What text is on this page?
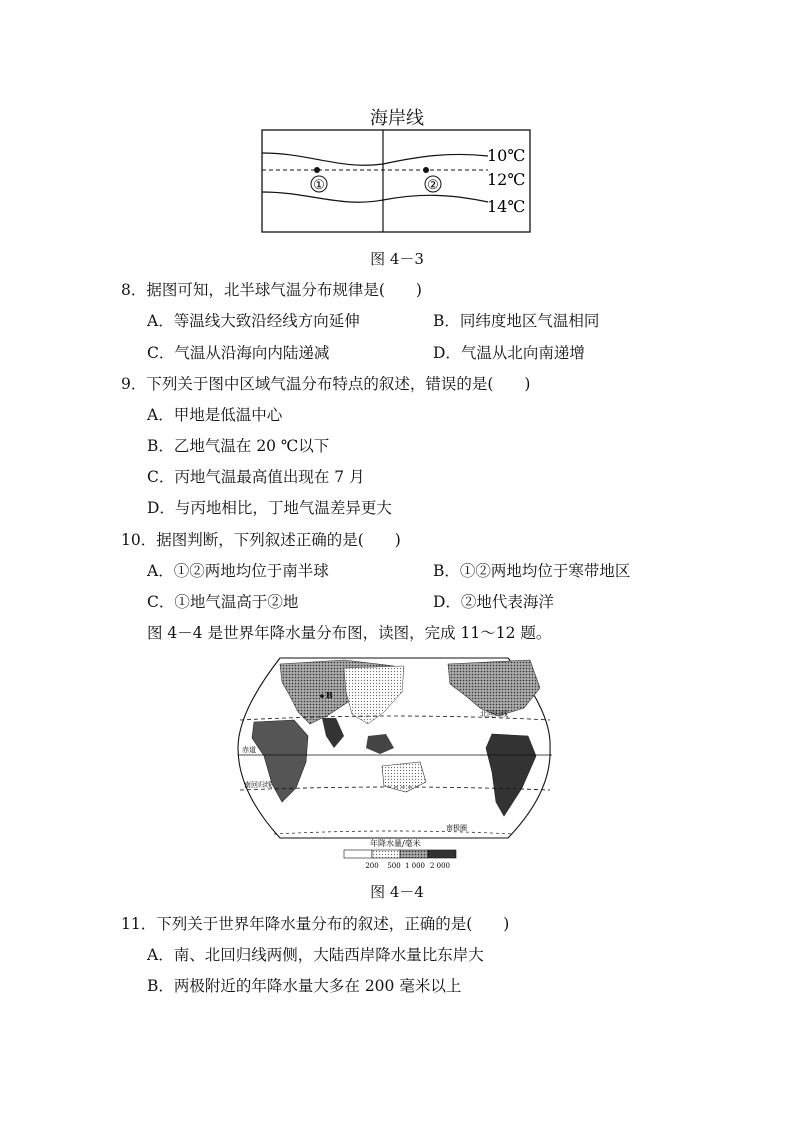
海岸线
①	②
10℃
12℃
14℃
图 4－3
8．据图可知，北半球气温分布规律是(　　)
A．等温线大致沿经线方向延伸	B．同纬度地区气温相同
C．气温从沿海向内陆递减	D．气温从北向南递增
9．下列关于图中区域气温分布特点的叙述，错误的是(　　)
A．甲地是低温中心
B．乙地气温在 20 ℃以下
C．丙地气温最高值出现在 7 月
D．与丙地相比，丁地气温差异更大
10．据图判断，下列叙述正确的是(　　)
A．①②两地均位于南半球	B．①②两地均位于寒带地区
C．①地气温高于②地	D．②地代表海洋
图 4－4 是世界年降水量分布图，读图，完成 11～12 题。
北回归线
赤道
南回归线
南极圈
B
年降水量/毫米
200 500 1 000 2 000
图 4－4
11．下列关于世界年降水量分布的叙述，正确的是(　　)
A．南、北回归线两侧，大陆西岸降水量比东岸大
B．两极附近的年降水量大多在 200 毫米以上
